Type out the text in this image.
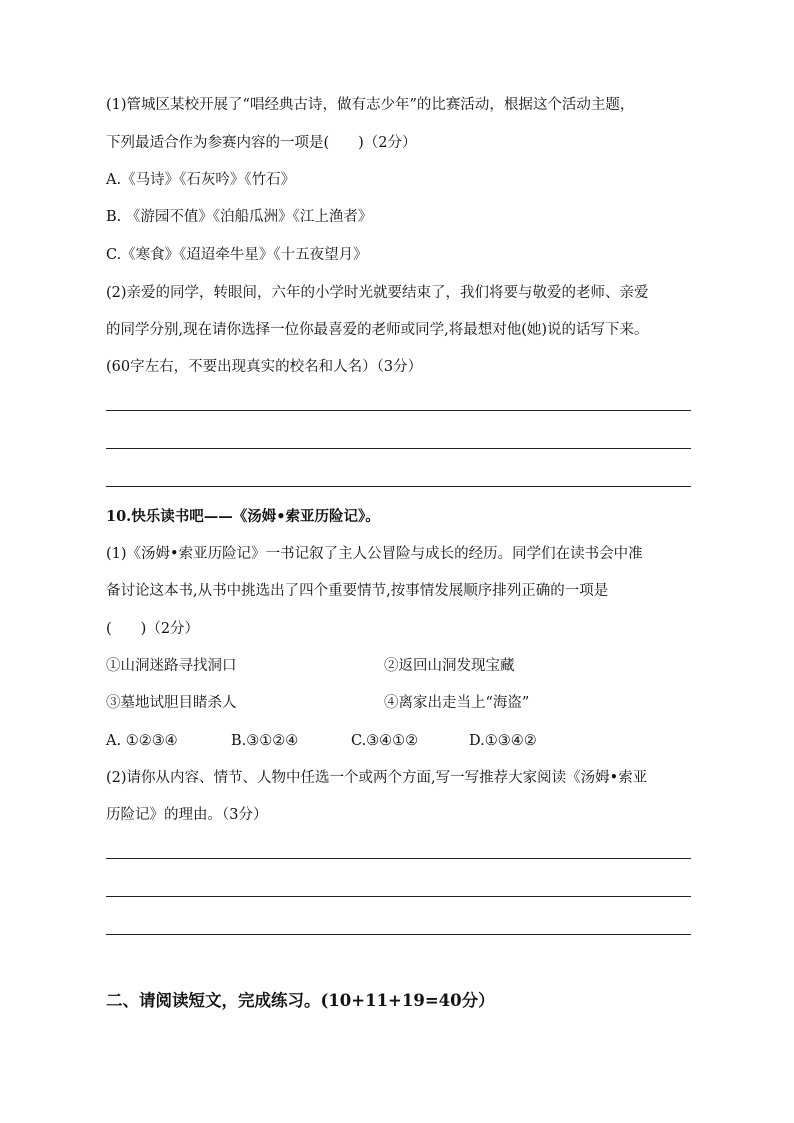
(1)管城区某校开展了“唱经典古诗，做有志少年”的比赛活动，根据这个活动主题，
下列最适合作为参赛内容的一项是(　　)（2分）
A.《马诗》《石灰吟》《竹石》
B. 《游园不值》《泊船瓜洲》《江上渔者》
C.《寒食》《迢迢牵牛星》《十五夜望月》
(2)亲爱的同学，转眼间，六年的小学时光就要结束了，我们将要与敬爱的老师、亲爱
的同学分别,现在请你选择一位你最喜爱的老师或同学,将最想对他(她)说的话写下来。
(60字左右，不要出现真实的校名和人名）（3分）
10.快乐读书吧——《汤姆•索亚历险记》。
(1)《汤姆•索亚历险记》一书记叙了主人公冒险与成长的经历。同学们在读书会中准
备讨论这本书,从书中挑选出了四个重要情节,按事情发展顺序排列正确的一项是
(　　)（2分）
①山洞迷路寻找洞口	②返回山洞发现宝藏
③墓地试胆目睹杀人	④离家出走当上“海盗”
A. ①②③④	B.③①②④	C.③④①②	D.①③④②
(2)请你从内容、情节、人物中任选一个或两个方面,写一写推荐大家阅读《汤姆•索亚
历险记》的理由。（3分）
二、请阅读短文，完成练习。(10+11+19=40分）
